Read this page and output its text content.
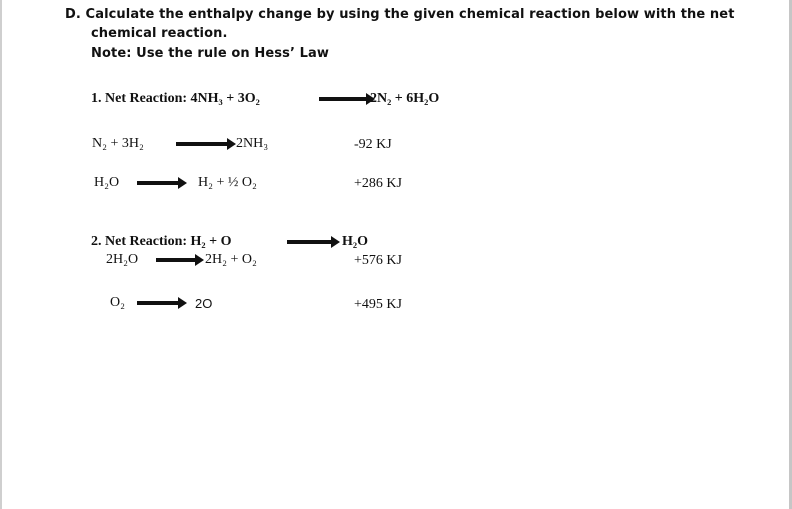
D. Calculate the enthalpy change by using the given chemical reaction below with the net
chemical reaction.
Note: Use the rule on Hess’ Law
1. Net Reaction: 4NH₃ + 3O₂	2N₂ + 6H₂O
N₂ + 3H₂	2NH₃	-92 KJ
H₂O	H₂ + ½ O₂	+286 KJ
2. Net Reaction: H₂ + O	H₂O
2H₂O	2H₂ + O₂	+576 KJ
O₂	2O	+495 KJ
